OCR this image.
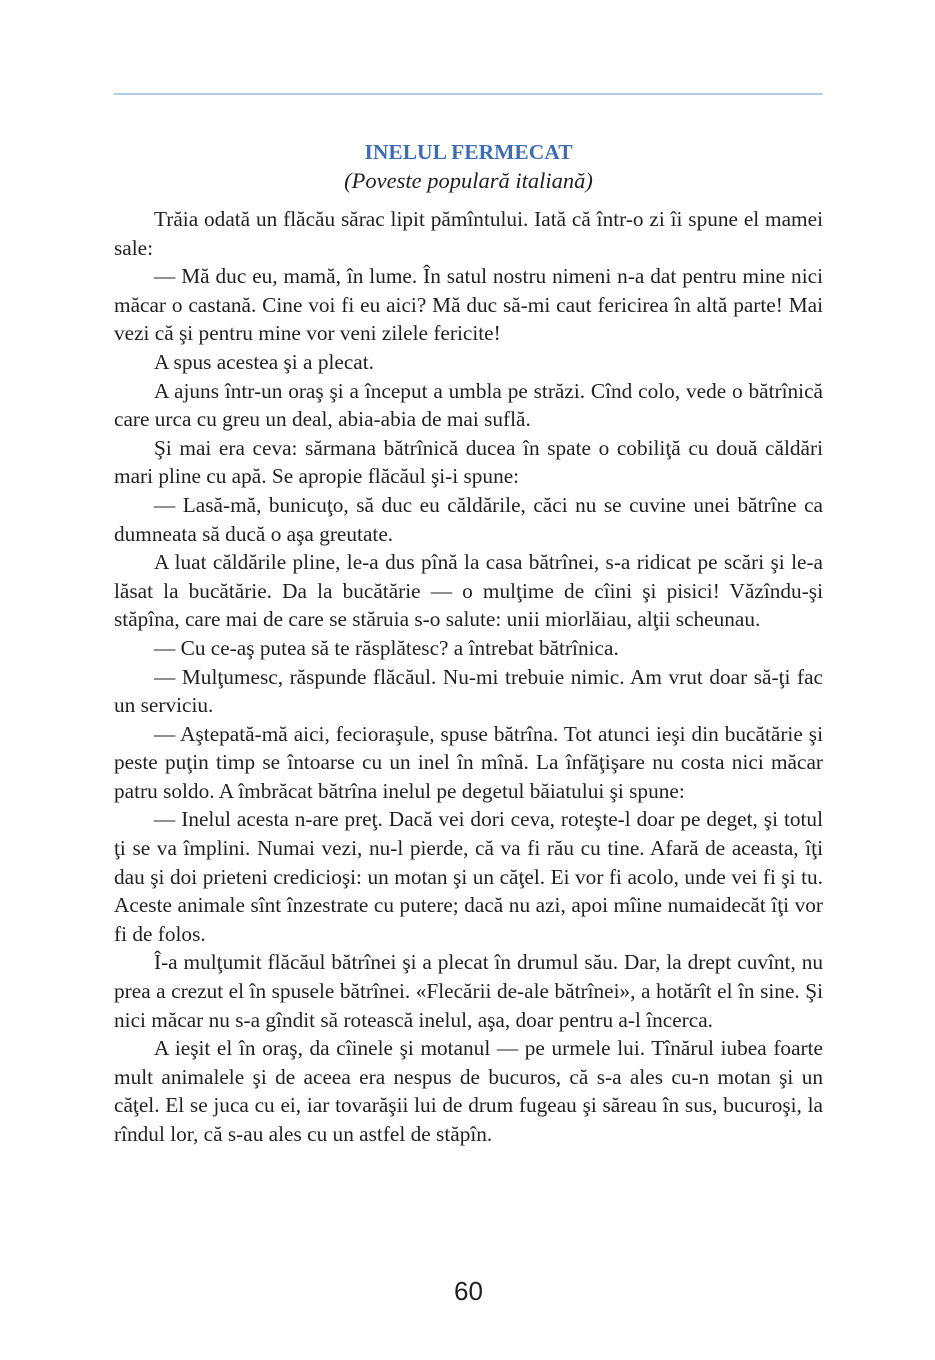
INELUL FERMECAT
(Poveste populară italiană)

Trăia odată un flăcău sărac lipit pămîntului. Iată că într-o zi îi spune el mamei sale:

— Mă duc eu, mamă, în lume. În satul nostru nimeni n-a dat pentru mine nici măcar o castană. Cine voi fi eu aici? Mă duc să-mi caut fericirea în altă parte! Mai vezi că şi pentru mine vor veni zilele fericite!

A spus acestea şi a plecat.

A ajuns într-un oraş şi a început a umbla pe străzi. Cînd colo, vede o bătrînică care urca cu greu un deal, abia-abia de mai suflă.

Şi mai era ceva: sărmana bătrînică ducea în spate o cobiliţă cu două căldări mari pline cu apă. Se apropie flăcăul şi-i spune:

— Lasă-mă, bunicuţo, să duc eu căldările, căci nu se cuvine unei bătrîne ca dumneata să ducă o aşa greutate.

A luat căldările pline, le-a dus pînă la casa bătrînei, s-a ridicat pe scări şi le-a lăsat la bucătărie. Da la bucătărie — o mulţime de cîini şi pisici! Văzîndu-şi stăpîna, care mai de care se stăruia s-o salute: unii miorlăiau, alţii scheunau.

— Cu ce-aş putea să te răsplătesc? a întrebat bătrînica.

— Mulţumesc, răspunde flăcăul. Nu-mi trebuie nimic. Am vrut doar să-ţi fac un serviciu.

— Aştepată-mă aici, fecioraşule, spuse bătrîna. Tot atunci ieşi din bucătărie şi peste puţin timp se întoarse cu un inel în mînă. La înfăţişare nu costa nici măcar patru soldo. A îmbrăcat bătrîna inelul pe degetul băiatului şi spune:

— Inelul acesta n-are preţ. Dacă vei dori ceva, roteşte-l doar pe deget, şi totul ţi se va împlini. Numai vezi, nu-l pierde, că va fi rău cu tine. Afară de aceasta, îţi dau şi doi prieteni credicioşi: un motan şi un căţel. Ei vor fi acolo, unde vei fi şi tu. Aceste animale sînt înzestrate cu putere; dacă nu azi, apoi mîine numaidecăt îţi vor fi de folos.

Î-a mulţumit flăcăul bătrînei şi a plecat în drumul său. Dar, la drept cuvînt, nu prea a crezut el în spusele bătrînei. «Flecării de-ale bătrînei», a hotărît el în sine. Şi nici măcar nu s-a gîndit să rotească inelul, aşa, doar pentru a-l încerca.

A ieşit el în oraş, da cîinele şi motanul — pe urmele lui. Tînărul iubea foarte mult animalele şi de aceea era nespus de bucuros, că s-a ales cu-n motan şi un căţel. El se juca cu ei, iar tovarăşii lui de drum fugeau şi săreau în sus, bucuroşi, la rîndul lor, că s-au ales cu un astfel de stăpîn.

60
